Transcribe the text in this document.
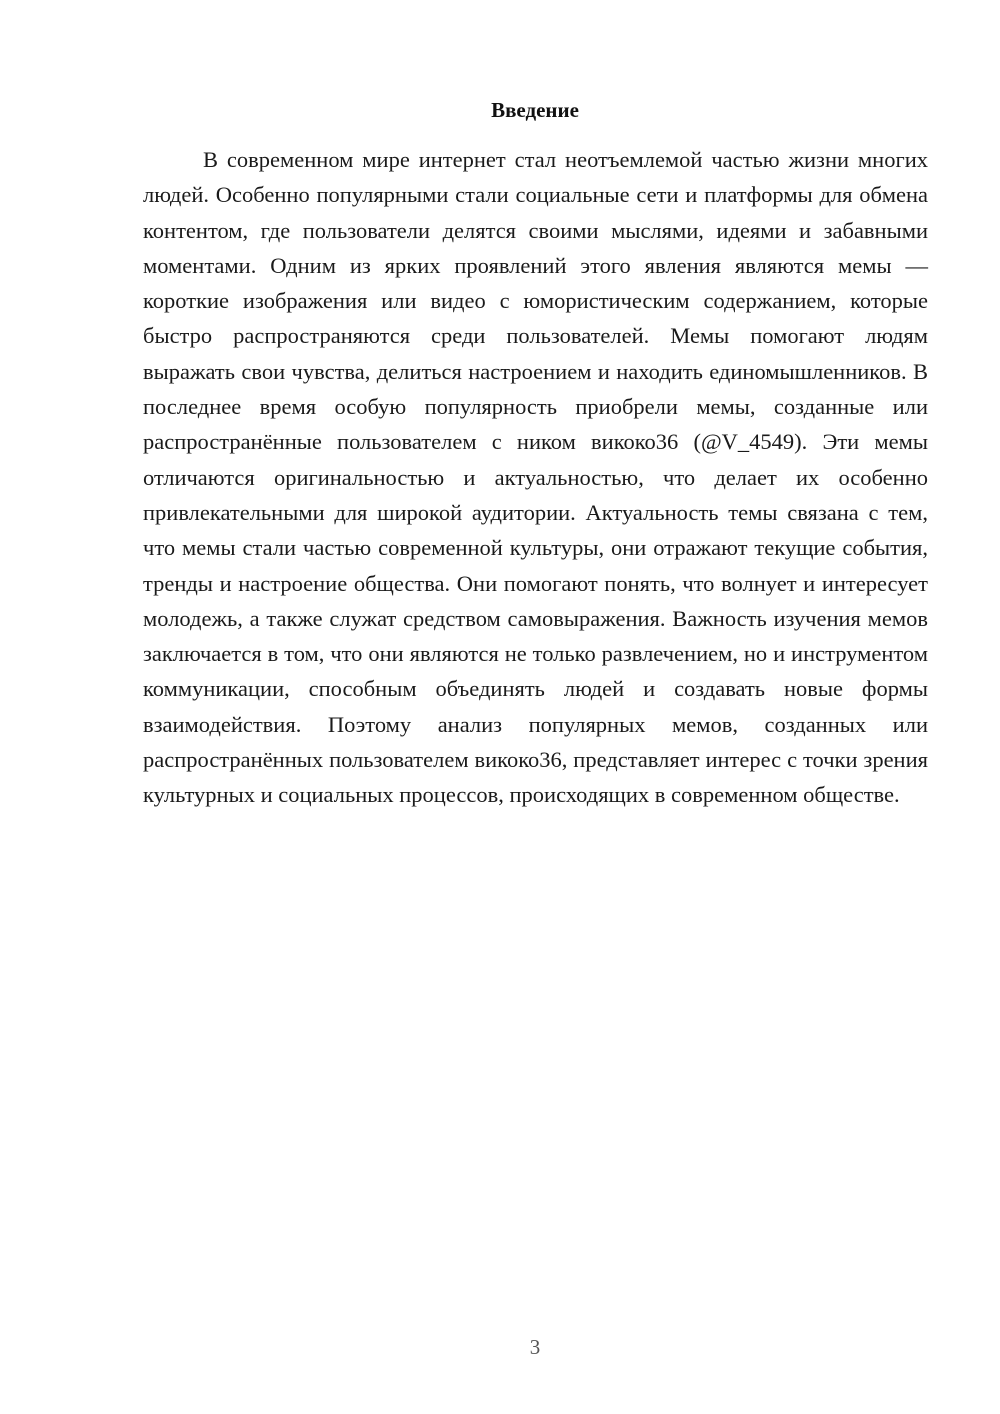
Введение

В современном мире интернет стал неотъемлемой частью жизни многих людей. Особенно популярными стали социальные сети и платформы для обмена контентом, где пользователи делятся своими мыслями, идеями и забавными моментами. Одним из ярких проявлений этого явления являются мемы — короткие изображения или видео с юмористическим содержанием, которые быстро распространяются среди пользователей. Мемы помогают людям выражать свои чувства, делиться настроением и находить единомышленников. В последнее время особую популярность приобрели мемы, созданные или распространённые пользователем с ником викоко36 (@V_4549). Эти мемы отличаются оригинальностью и актуальностью, что делает их особенно привлекательными для широкой аудитории. Актуальность темы связана с тем, что мемы стали частью современной культуры, они отражают текущие события, тренды и настроение общества. Они помогают понять, что волнует и интересует молодежь, а также служат средством самовыражения. Важность изучения мемов заключается в том, что они являются не только развлечением, но и инструментом коммуникации, способным объединять людей и создавать новые формы взаимодействия. Поэтому анализ популярных мемов, созданных или распространённых пользователем викоко36, представляет интерес с точки зрения культурных и социальных процессов, происходящих в современном обществе.

3
